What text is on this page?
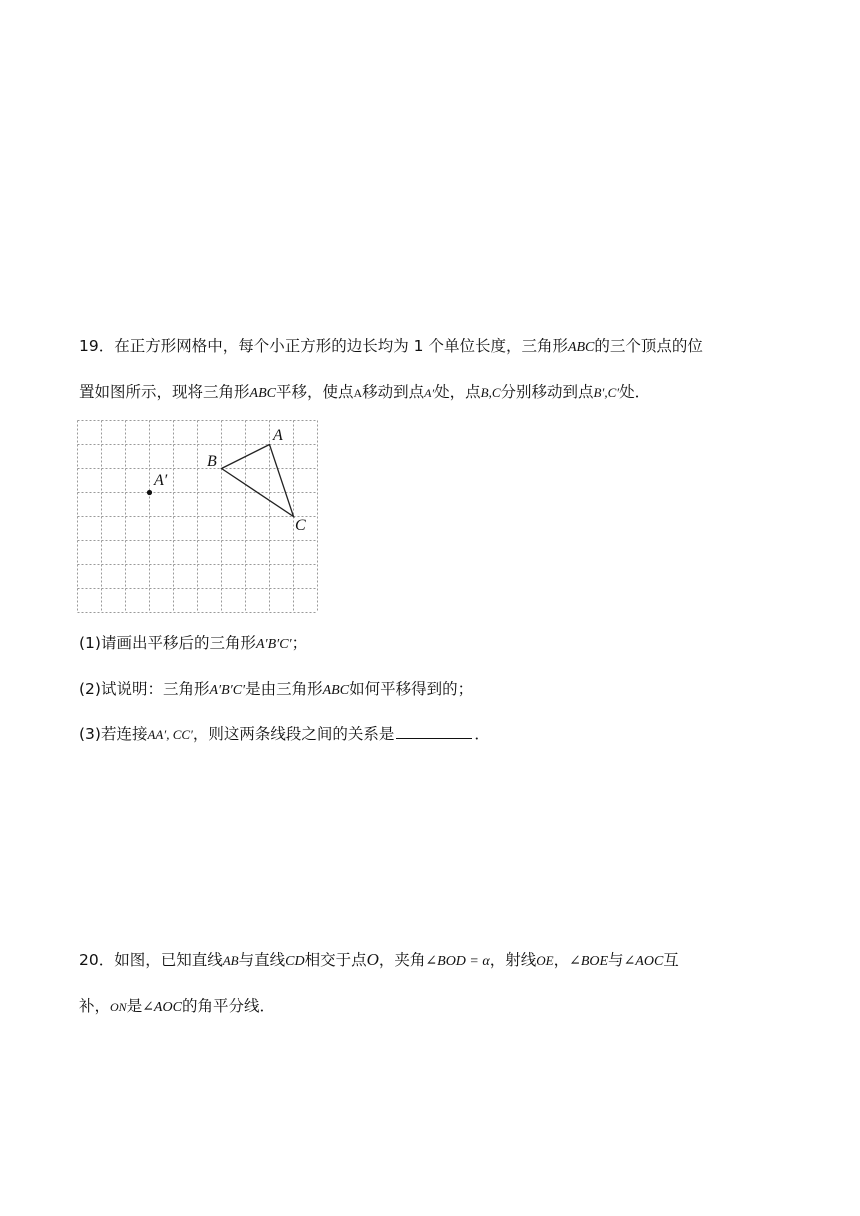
19．在正方形网格中，每个小正方形的边长均为 1 个单位长度，三角形ABC的三个顶点的位
置如图所示，现将三角形ABC平移，使点A移动到点A′处，点B,C分别移动到点B′,C′处．
A
B
C
A′
(1)请画出平移后的三角形A′B′C′；
(2)试说明：三角形A′B′C′是由三角形ABC如何平移得到的；
(3)若连接AA′, CC′，则这两条线段之间的关系是	．
20．如图，已知直线AB与直线CD相交于点O，夹角∠BOD = α，射线OE，∠BOE与∠AOC互
补，ON是∠AOC的角平分线．
